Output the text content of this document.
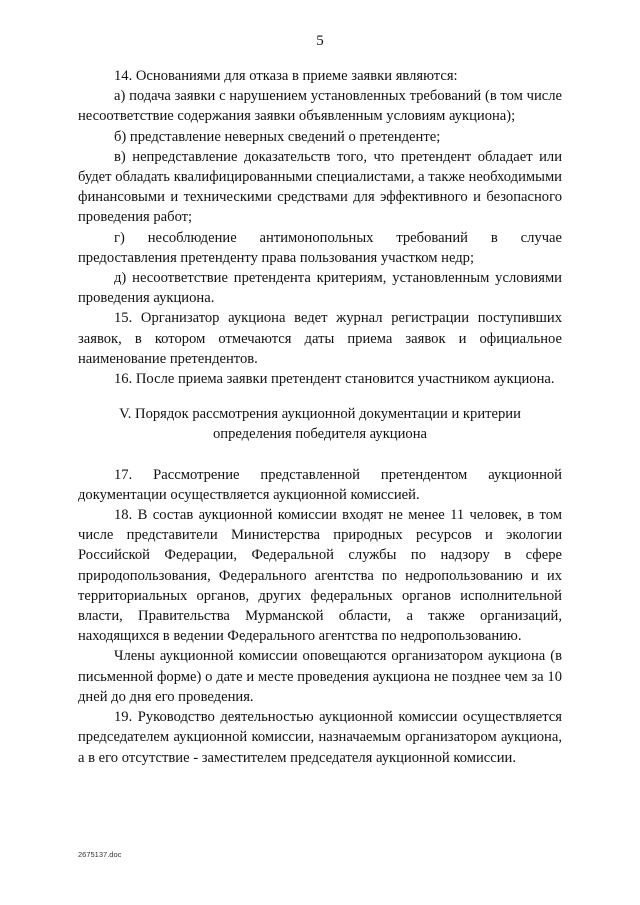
5

14. Основаниями для отказа в приеме заявки являются:

а) подача заявки с нарушением установленных требований (в том числе несоответствие содержания заявки объявленным условиям аукциона);

б) представление неверных сведений о претенденте;

в) непредставление доказательств того, что претендент обладает или будет обладать квалифицированными специалистами, а также необходимыми финансовыми и техническими средствами для эффективного и безопасного проведения работ;

г) несоблюдение антимонопольных требований в случае предоставления претенденту права пользования участком недр;

д) несоответствие претендента критериям, установленным условиями проведения аукциона.

15. Организатор аукциона ведет журнал регистрации поступивших заявок, в котором отмечаются даты приема заявок и официальное наименование претендентов.

16. После приема заявки претендент становится участником аукциона.

V. Порядок рассмотрения аукционной документации и критерии
определения победителя аукциона

17. Рассмотрение представленной претендентом аукционной документации осуществляется аукционной комиссией.

18. В состав аукционной комиссии входят не менее 11 человек, в том числе представители Министерства природных ресурсов и экологии Российской Федерации, Федеральной службы по надзору в сфере природопользования, Федерального агентства по недропользованию и их территориальных органов, других федеральных органов исполнительной власти, Правительства Мурманской области, а также организаций, находящихся в ведении Федерального агентства по недропользованию.

Члены аукционной комиссии оповещаются организатором аукциона (в письменной форме) о дате и месте проведения аукциона не позднее чем за 10 дней до дня его проведения.

19. Руководство деятельностью аукционной комиссии осуществляется председателем аукционной комиссии, назначаемым организатором аукциона, а в его отсутствие - заместителем председателя аукционной комиссии.

2675137.doc
